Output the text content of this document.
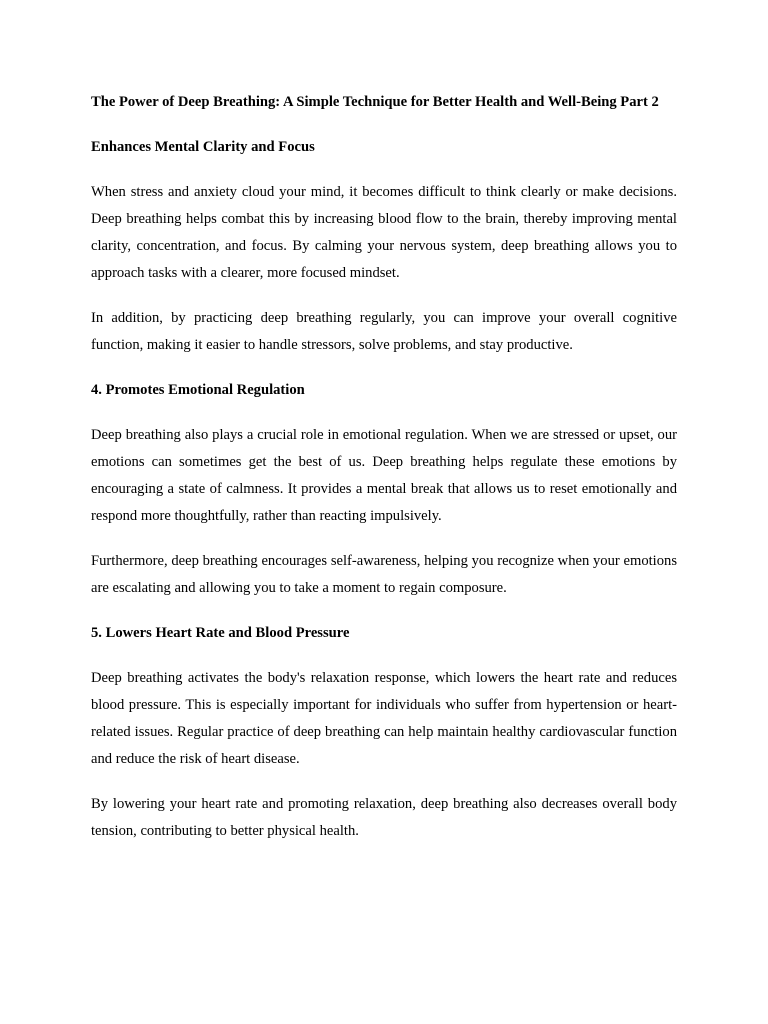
The Power of Deep Breathing: A Simple Technique for Better Health and Well-Being Part 2

Enhances Mental Clarity and Focus

When stress and anxiety cloud your mind, it becomes difficult to think clearly or make decisions. Deep breathing helps combat this by increasing blood flow to the brain, thereby improving mental clarity, concentration, and focus. By calming your nervous system, deep breathing allows you to approach tasks with a clearer, more focused mindset.

In addition, by practicing deep breathing regularly, you can improve your overall cognitive function, making it easier to handle stressors, solve problems, and stay productive.

4. Promotes Emotional Regulation

Deep breathing also plays a crucial role in emotional regulation. When we are stressed or upset, our emotions can sometimes get the best of us. Deep breathing helps regulate these emotions by encouraging a state of calmness. It provides a mental break that allows us to reset emotionally and respond more thoughtfully, rather than reacting impulsively.

Furthermore, deep breathing encourages self-awareness, helping you recognize when your emotions are escalating and allowing you to take a moment to regain composure.

5. Lowers Heart Rate and Blood Pressure

Deep breathing activates the body's relaxation response, which lowers the heart rate and reduces blood pressure. This is especially important for individuals who suffer from hypertension or heart-related issues. Regular practice of deep breathing can help maintain healthy cardiovascular function and reduce the risk of heart disease.

By lowering your heart rate and promoting relaxation, deep breathing also decreases overall body tension, contributing to better physical health.
